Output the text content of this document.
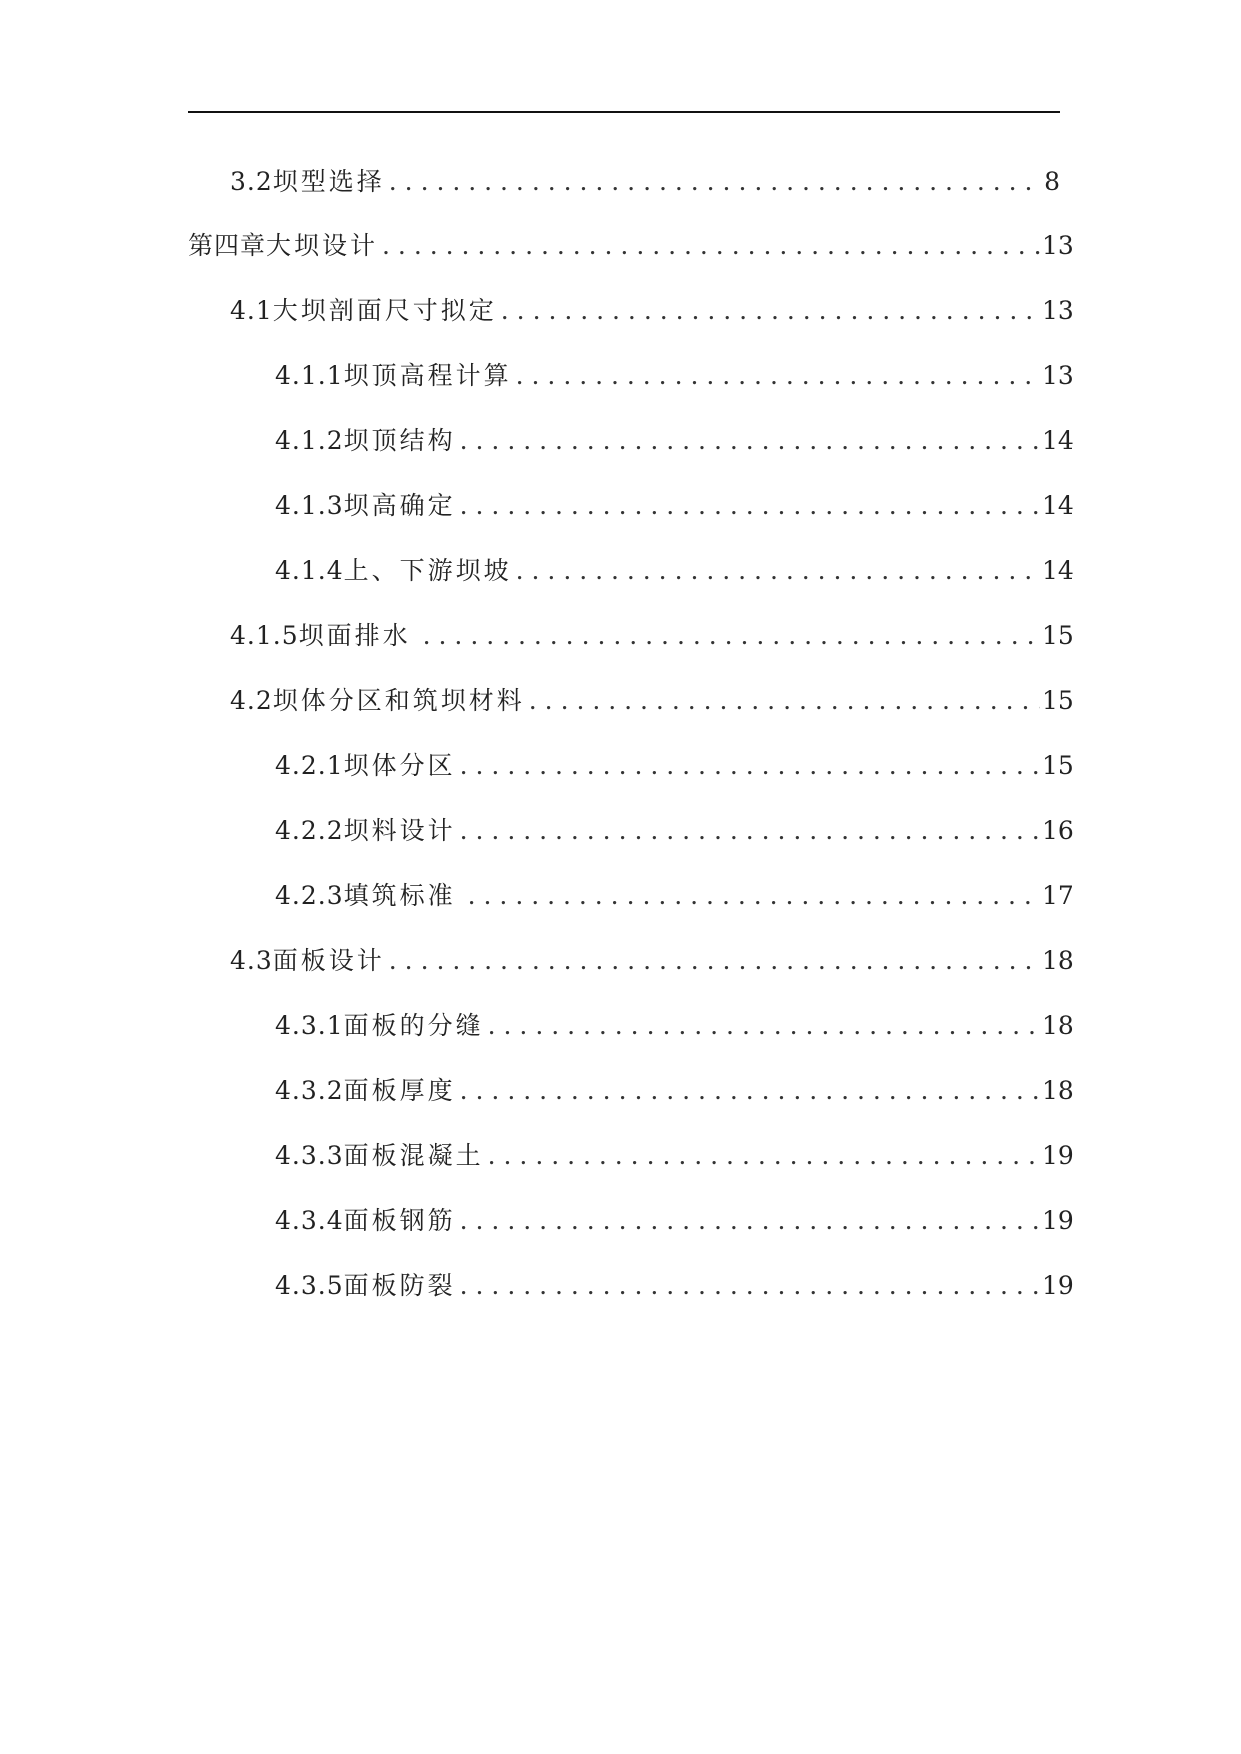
3.2 坝型选择 . . .	8
第四章 大坝设计 . . .	13
4.1 大坝剖面尺寸拟定 . . .	13
4.1.1 坝顶高程计算 . . .	13
4.1.2 坝顶结构 . . .	14
4.1.3 坝高确定 . . .	14
4.1.4 上、下游坝坡 . . .	14
4.1.5 坝面排水 . . .	15
4.2 坝体分区和筑坝材料 . . .	15
4.2.1 坝体分区 . . .	15
4.2.2 坝料设计 . . .	16
4.2.3 填筑标准 . . .	17
4.3 面板设计 . . .	18
4.3.1 面板的分缝 . . .	18
4.3.2 面板厚度 . . .	18
4.3.3 面板混凝土 . . .	19
4.3.4 面板钢筋 . . .	19
4.3.5 面板防裂 . . .	19
